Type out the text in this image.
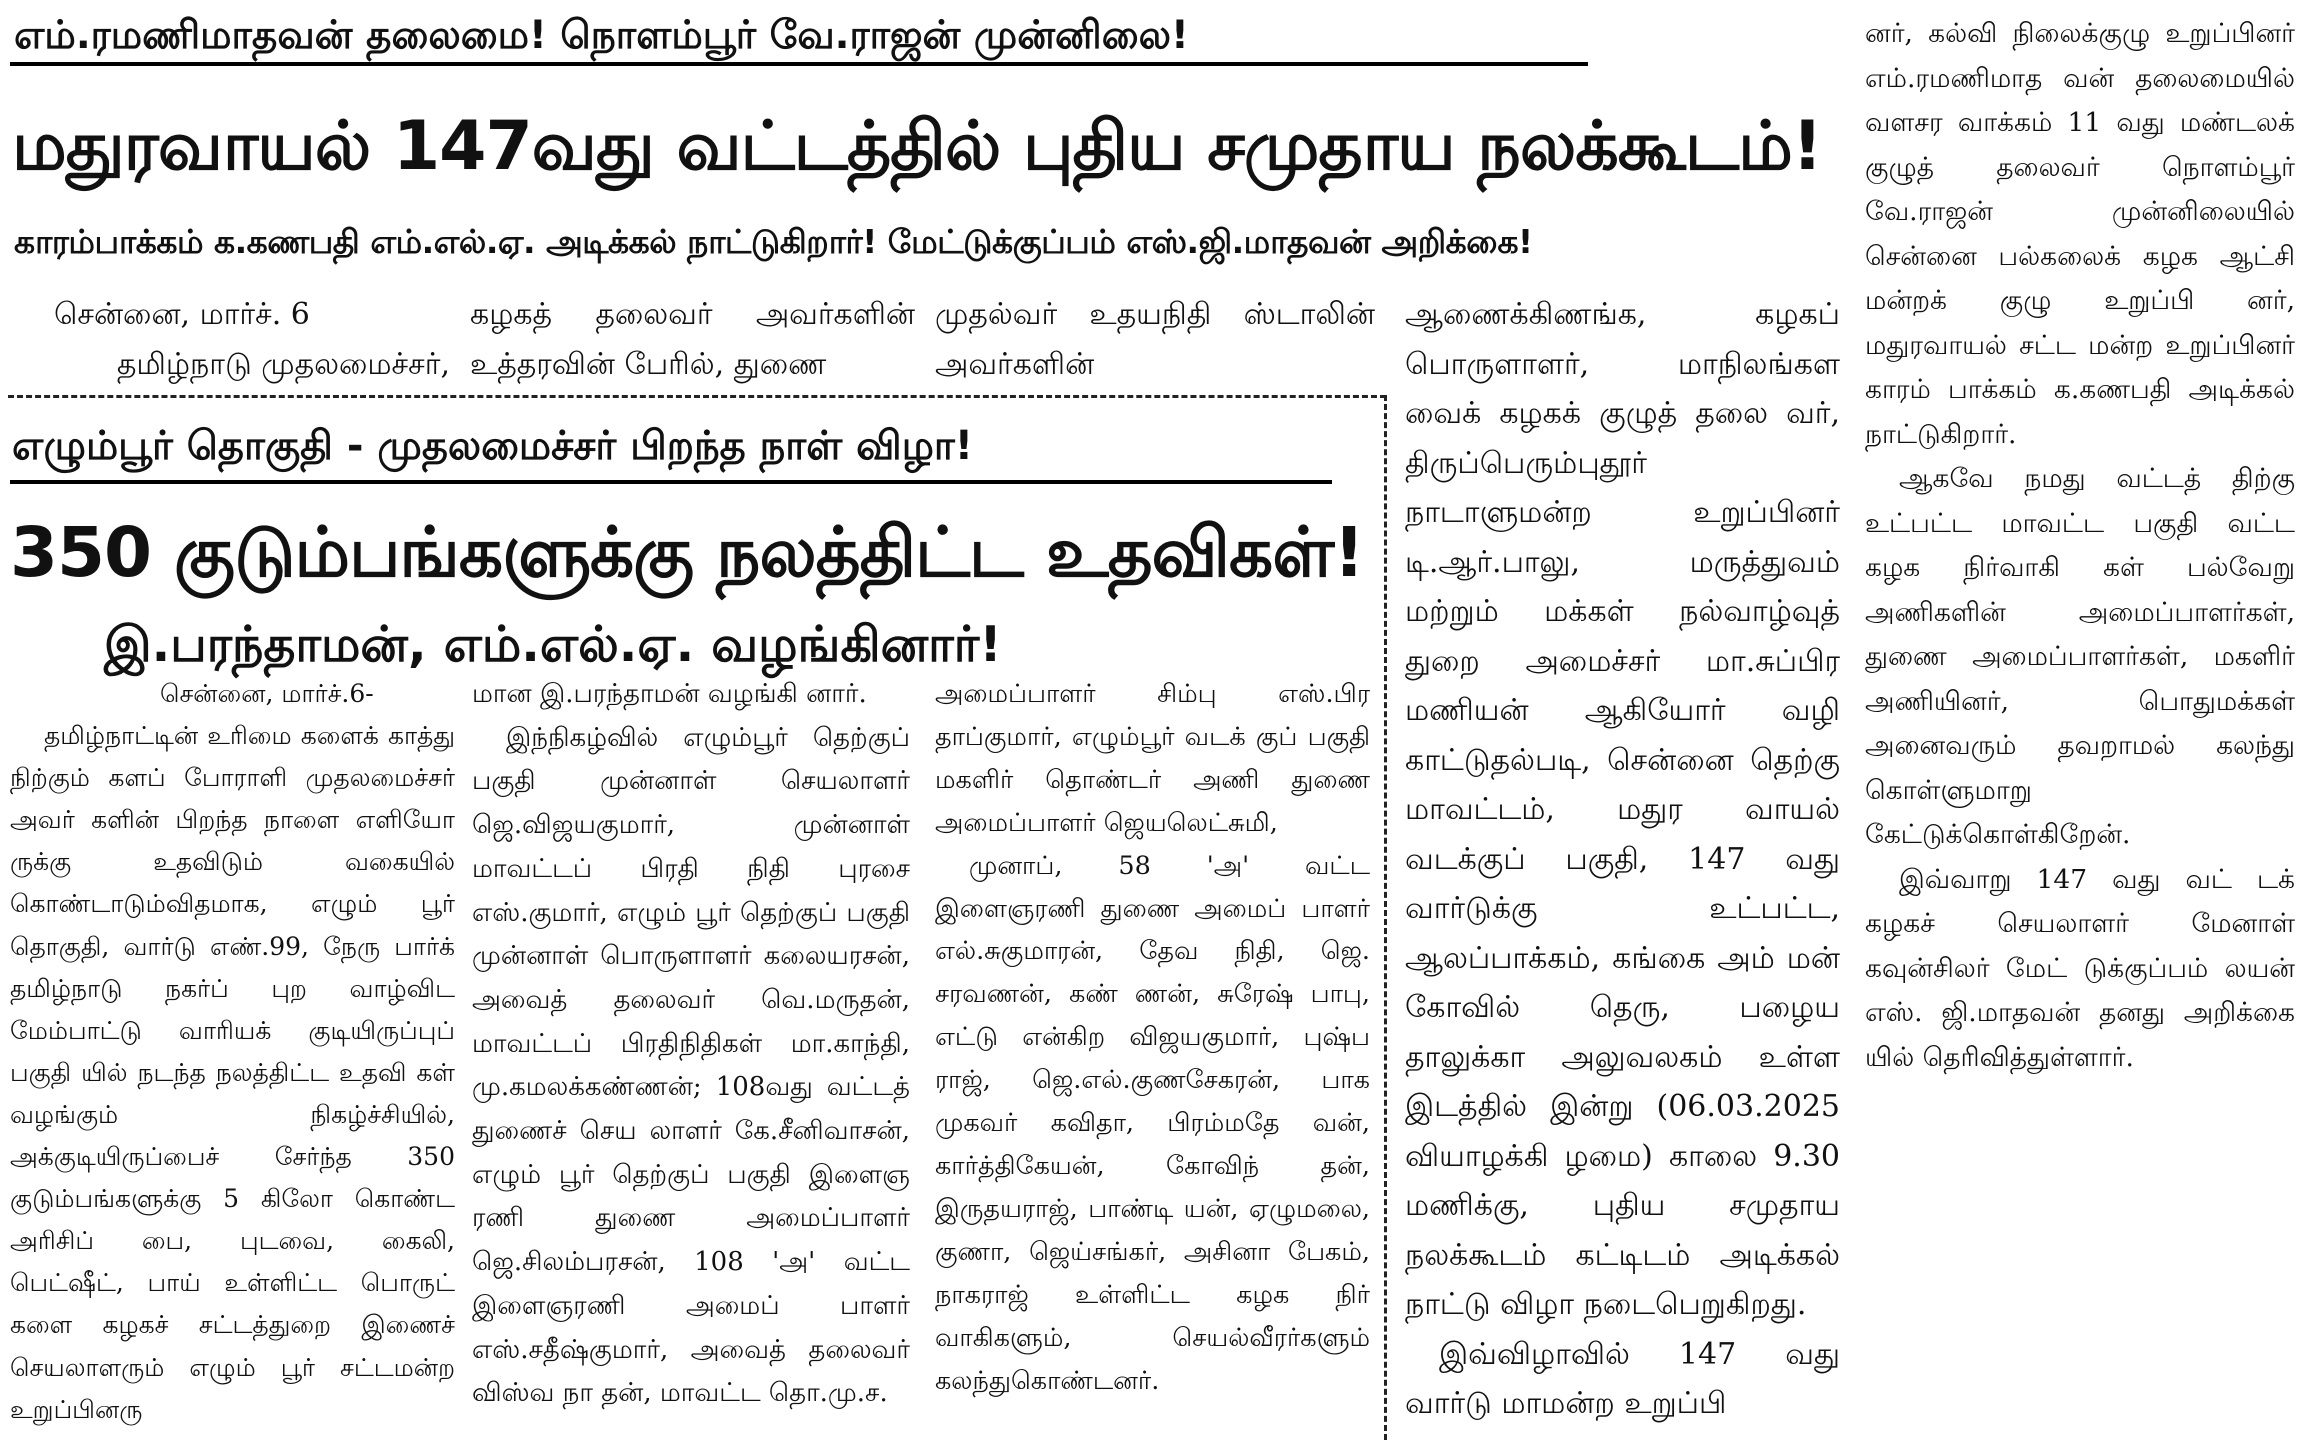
எம்.ரமணிமாதவன் தலைமை! நொளம்பூர் வே.ராஜன் முன்னிலை!
மதுரவாயல் 147வது வட்டத்தில் புதிய சமுதாய நலக்கூடம்!
காரம்பாக்கம் க.கணபதி எம்.எல்.ஏ. அடிக்கல் நாட்டுகிறார்! மேட்டுக்குப்பம் எஸ்.ஜி.மாதவன் அறிக்கை!

சென்னை, மார்ச். 6

தமிழ்நாடு முதலமைச்சர்,

கழகத் தலைவர் அவர்களின் உத்தரவின் பேரில், துணை

முதல்வர் உதயநிதி ஸ்டாலின் அவர்களின்

ஆணைக்கிணங்க, கழகப் பொருளாளர், மாநிலங்கள வைக் கழகக் குழுத் தலை வர், திருப்பெரும்புதூர் நாடாளுமன்ற உறுப்பினர் டி.ஆர்.பாலு, மருத்துவம் மற்றும் மக்கள் நல்வாழ்வுத் துறை அமைச்சர் மா.சுப்பிர மணியன் ஆகியோர் வழி காட்டுதல்படி, சென்னை தெற்கு மாவட்டம், மதுர வாயல் வடக்குப் பகுதி, 147 வது வார்டுக்கு உட்பட்ட, ஆலப்பாக்கம், கங்கை அம் மன் கோவில் தெரு, பழைய தாலுக்கா அலுவலகம் உள்ள இடத்தில் இன்று (06.03.2025 வியாழக்கி ழமை) காலை 9.30 மணிக்கு, புதிய சமுதாய நலக்கூடம் கட்டிடம் அடிக்கல் நாட்டு விழா நடைபெறுகிறது.

இவ்விழாவில் 147 வது வார்டு மாமன்ற உறுப்பி

னர், கல்வி நிலைக்குழு உறுப்பினர் எம்.ரமணிமாத வன் தலைமையில் வளசர வாக்கம் 11 வது மண்டலக் குழுத் தலைவர் நொளம்பூர் வே.ராஜன் முன்னிலையில் சென்னை பல்கலைக் கழக ஆட்சி மன்றக் குழு உறுப்பி னர், மதுரவாயல் சட்ட மன்ற உறுப்பினர் காரம் பாக்கம் க.கணபதி அடிக்கல் நாட்டுகிறார்.

ஆகவே நமது வட்டத் திற்கு உட்பட்ட மாவட்ட பகுதி வட்ட கழக நிர்வாகி கள் பல்வேறு அணிகளின் அமைப்பாளர்கள், துணை அமைப்பாளர்கள், மகளிர் அணியினர், பொதுமக்கள் அனைவரும் தவறாமல் கலந்து கொள்ளுமாறு கேட்டுக்கொள்கிறேன்.

இவ்வாறு 147 வது வட் டக் கழகச் செயலாளர் மேனாள் கவுன்சிலர் மேட் டுக்குப்பம் லயன் எஸ். ஜி.மாதவன் தனது அறிக்கை யில் தெரிவித்துள்ளார்.

எழும்பூர் தொகுதி - முதலமைச்சர் பிறந்த நாள் விழா!
350 குடும்பங்களுக்கு நலத்திட்ட உதவிகள்!
இ.பரந்தாமன், எம்.எல்.ஏ. வழங்கினார்!

சென்னை, மார்ச்.6-

தமிழ்நாட்டின் உரிமை களைக் காத்து நிற்கும் களப் போராளி முதலமைச்சர் அவர் களின் பிறந்த நாளை எளியோ ருக்கு உதவிடும் வகையில் கொண்டாடும்விதமாக, எழும் பூர் தொகுதி, வார்டு எண்.99, நேரு பார்க் தமிழ்நாடு நகர்ப் புற வாழ்விட மேம்பாட்டு வாரியக் குடியிருப்புப் பகுதி யில் நடந்த நலத்திட்ட உதவி கள் வழங்கும் நிகழ்ச்சியில், அக்குடியிருப்பைச் சேர்ந்த 350 குடும்பங்களுக்கு 5 கிலோ கொண்ட அரிசிப் பை, புடவை, கைலி, பெட்ஷீட், பாய் உள்ளிட்ட பொருட் களை கழகச் சட்டத்துறை இணைச் செயலாளரும் எழும் பூர் சட்டமன்ற உறுப்பினரு

மான இ.பரந்தாமன் வழங்கி னார்.

இந்நிகழ்வில் எழும்பூர் தெற்குப் பகுதி முன்னாள் செயலாளர் ஜெ.விஜயகுமார், முன்னாள் மாவட்டப் பிரதி நிதி புரசை எஸ்.குமார், எழும் பூர் தெற்குப் பகுதி முன்னாள் பொருளாளர் கலையரசன், அவைத் தலைவர் வெ.மருதன், மாவட்டப் பிரதிநிதிகள் மா.காந்தி, மு.கமலக்கண்ணன்; 108வது வட்டத் துணைச் செய லாளர் கே.சீனிவாசன், எழும் பூர் தெற்குப் பகுதி இளைஞ ரணி துணை அமைப்பாளர் ஜெ.சிலம்பரசன், 108 'அ' வட்ட இளைஞரணி அமைப் பாளர் எஸ்.சதீஷ்குமார், அவைத் தலைவர் விஸ்வ நா தன், மாவட்ட தொ.மு.ச.

அமைப்பாளர் சிம்பு எஸ்.பிர தாப்குமார், எழும்பூர் வடக் குப் பகுதி மகளிர் தொண்டர் அணி துணை அமைப்பாளர் ஜெயலெட்சுமி,

முனாப், 58 'அ' வட்ட இளைஞரணி துணை அமைப் பாளர் எல்.சுகுமாரன், தேவ நிதி, ஜெ. சரவணன், கண் ணன், சுரேஷ் பாபு, எட்டு என்கிற விஜயகுமார், புஷ்ப ராஜ், ஜெ.எல்.குணசேகரன், பாக முகவர் கவிதா, பிரம்மதே வன், கார்த்திகேயன், கோவிந் தன், இருதயராஜ், பாண்டி யன், ஏழுமலை, குணா, ஜெய்சங்கர், அசினா பேகம், நாகராஜ் உள்ளிட்ட கழக நிர் வாகிகளும், செயல்வீரர்களும் கலந்துகொண்டனர்.
